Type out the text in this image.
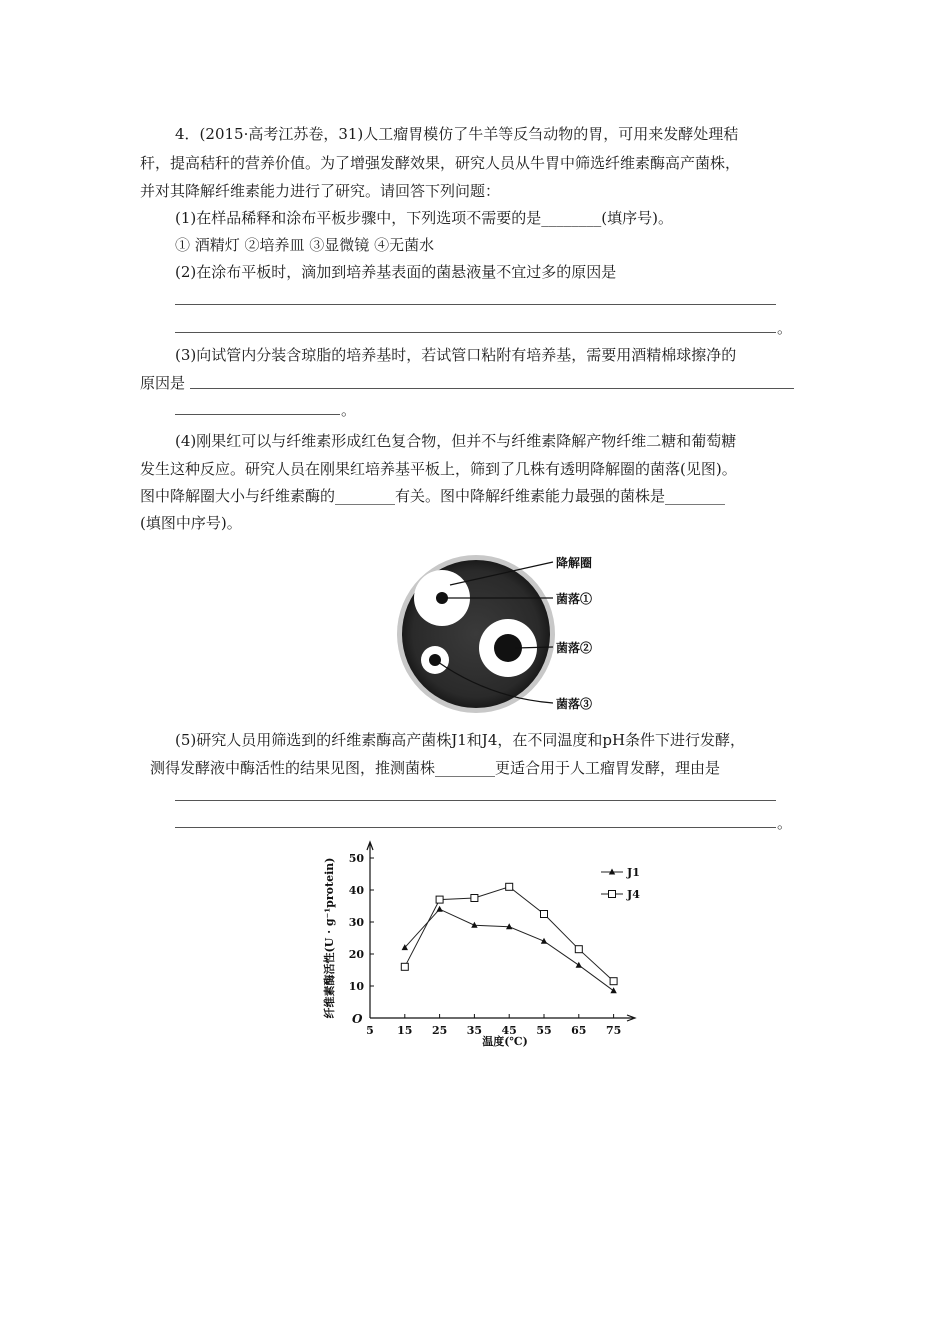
4．(2015·高考江苏卷，31)人工瘤胃模仿了牛羊等反刍动物的胃，可用来发酵处理秸
秆，提高秸秆的营养价值。为了增强发酵效果，研究人员从牛胃中筛选纤维素酶高产菌株，
并对其降解纤维素能力进行了研究。请回答下列问题：
(1)在样品稀释和涂布平板步骤中，下列选项不需要的是________(填序号)。
① 酒精灯 ②培养皿 ③显微镜 ④无菌水
(2)在涂布平板时，滴加到培养基表面的菌悬液量不宜过多的原因是
。
(3)向试管内分装含琼脂的培养基时，若试管口粘附有培养基，需要用酒精棉球擦净的
原因是
。
(4)刚果红可以与纤维素形成红色复合物，但并不与纤维素降解产物纤维二糖和葡萄糖
发生这种反应。研究人员在刚果红培养基平板上，筛到了几株有透明降解圈的菌落(见图)。
图中降解圈大小与纤维素酶的________有关。图中降解纤维素能力最强的菌株是________
(填图中序号)。
降解圈
菌落①
菌落②
菌落③
(5)研究人员用筛选到的纤维素酶高产菌株J1和J4，在不同温度和pH条件下进行发酵，
测得发酵液中酶活性的结果见图，推测菌株________更适合用于人工瘤胃发酵，理由是
。
O
10
20
30
40
50
5 15 25 35 45 55 65 75
J1
J4
纤维素酶活性(U · g⁻¹protein)
温度(℃)
